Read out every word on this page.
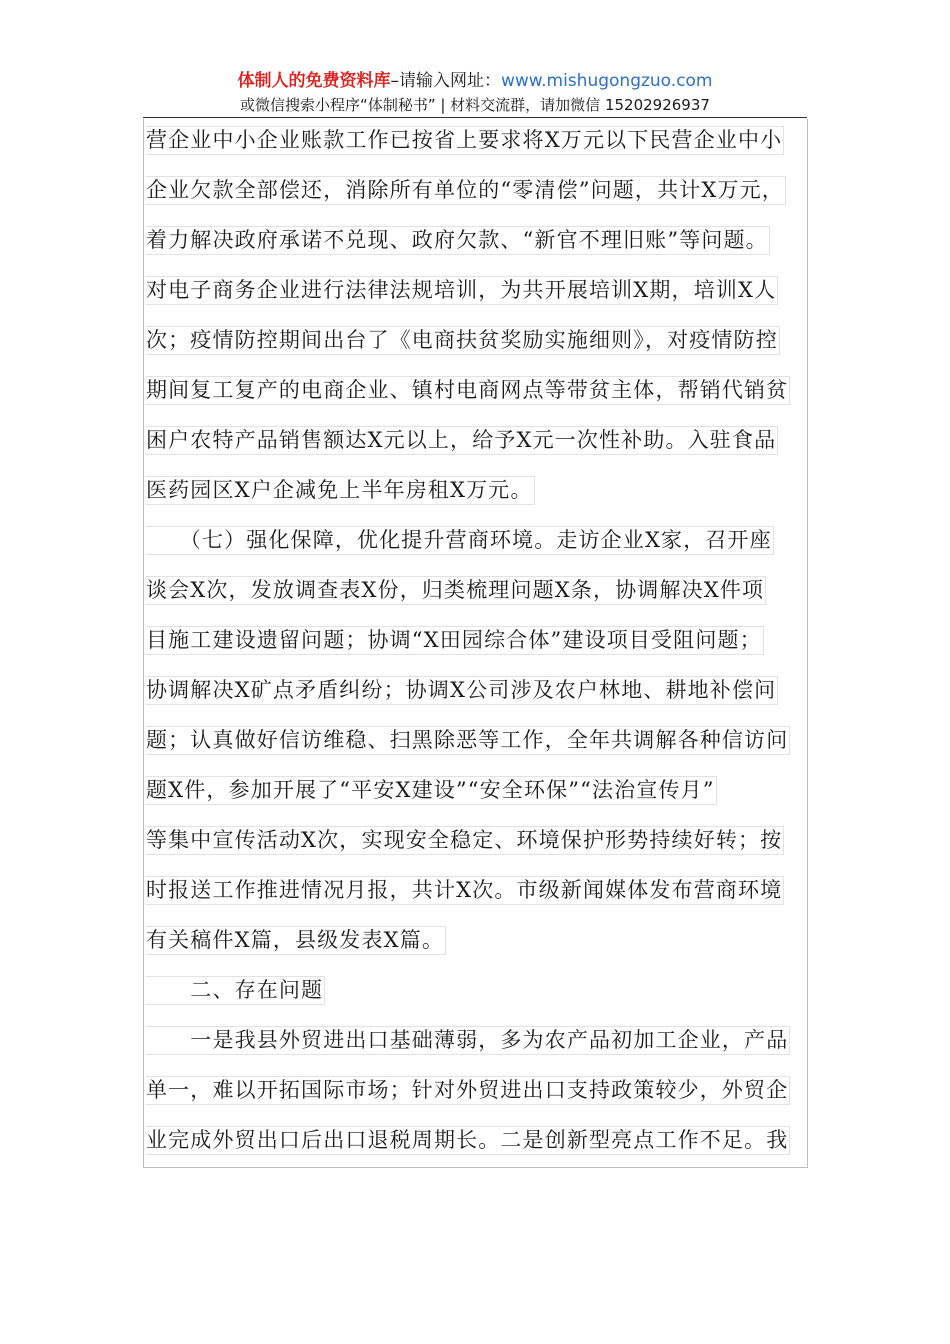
体制人的免费资料库–请输入网址：www.mishugongzuo.com
或微信搜索小程序“体制秘书” | 材料交流群，请加微信 15202926937
营企业中小企业账款工作已按省上要求将X万元以下民营企业中小
企业欠款全部偿还，消除所有单位的“零清偿”问题，共计X万元，
着力解决政府承诺不兑现、政府欠款、“新官不理旧账”等问题。
对电子商务企业进行法律法规培训，为共开展培训X期，培训X人
次；疫情防控期间出台了《电商扶贫奖励实施细则》，对疫情防控
期间复工复产的电商企业、镇村电商网点等带贫主体，帮销代销贫
困户农特产品销售额达X元以上，给予X元一次性补助。入驻食品
医药园区X户企减免上半年房租X万元。
　　（七）强化保障，优化提升营商环境。走访企业X家，召开座
谈会X次，发放调查表X份，归类梳理问题X条，协调解决X件项
目施工建设遗留问题；协调“X田园综合体”建设项目受阻问题；
协调解决X矿点矛盾纠纷；协调X公司涉及农户林地、耕地补偿问
题；认真做好信访维稳、扫黑除恶等工作，全年共调解各种信访问
题X件，参加开展了“平安X建设”“安全环保”“法治宣传月”
等集中宣传活动X次，实现安全稳定、环境保护形势持续好转；按
时报送工作推进情况月报，共计X次。市级新闻媒体发布营商环境
有关稿件X篇，县级发表X篇。
　　二、存在问题
　　一是我县外贸进出口基础薄弱，多为农产品初加工企业，产品
单一，难以开拓国际市场；针对外贸进出口支持政策较少，外贸企
业完成外贸出口后出口退税周期长。二是创新型亮点工作不足。我
